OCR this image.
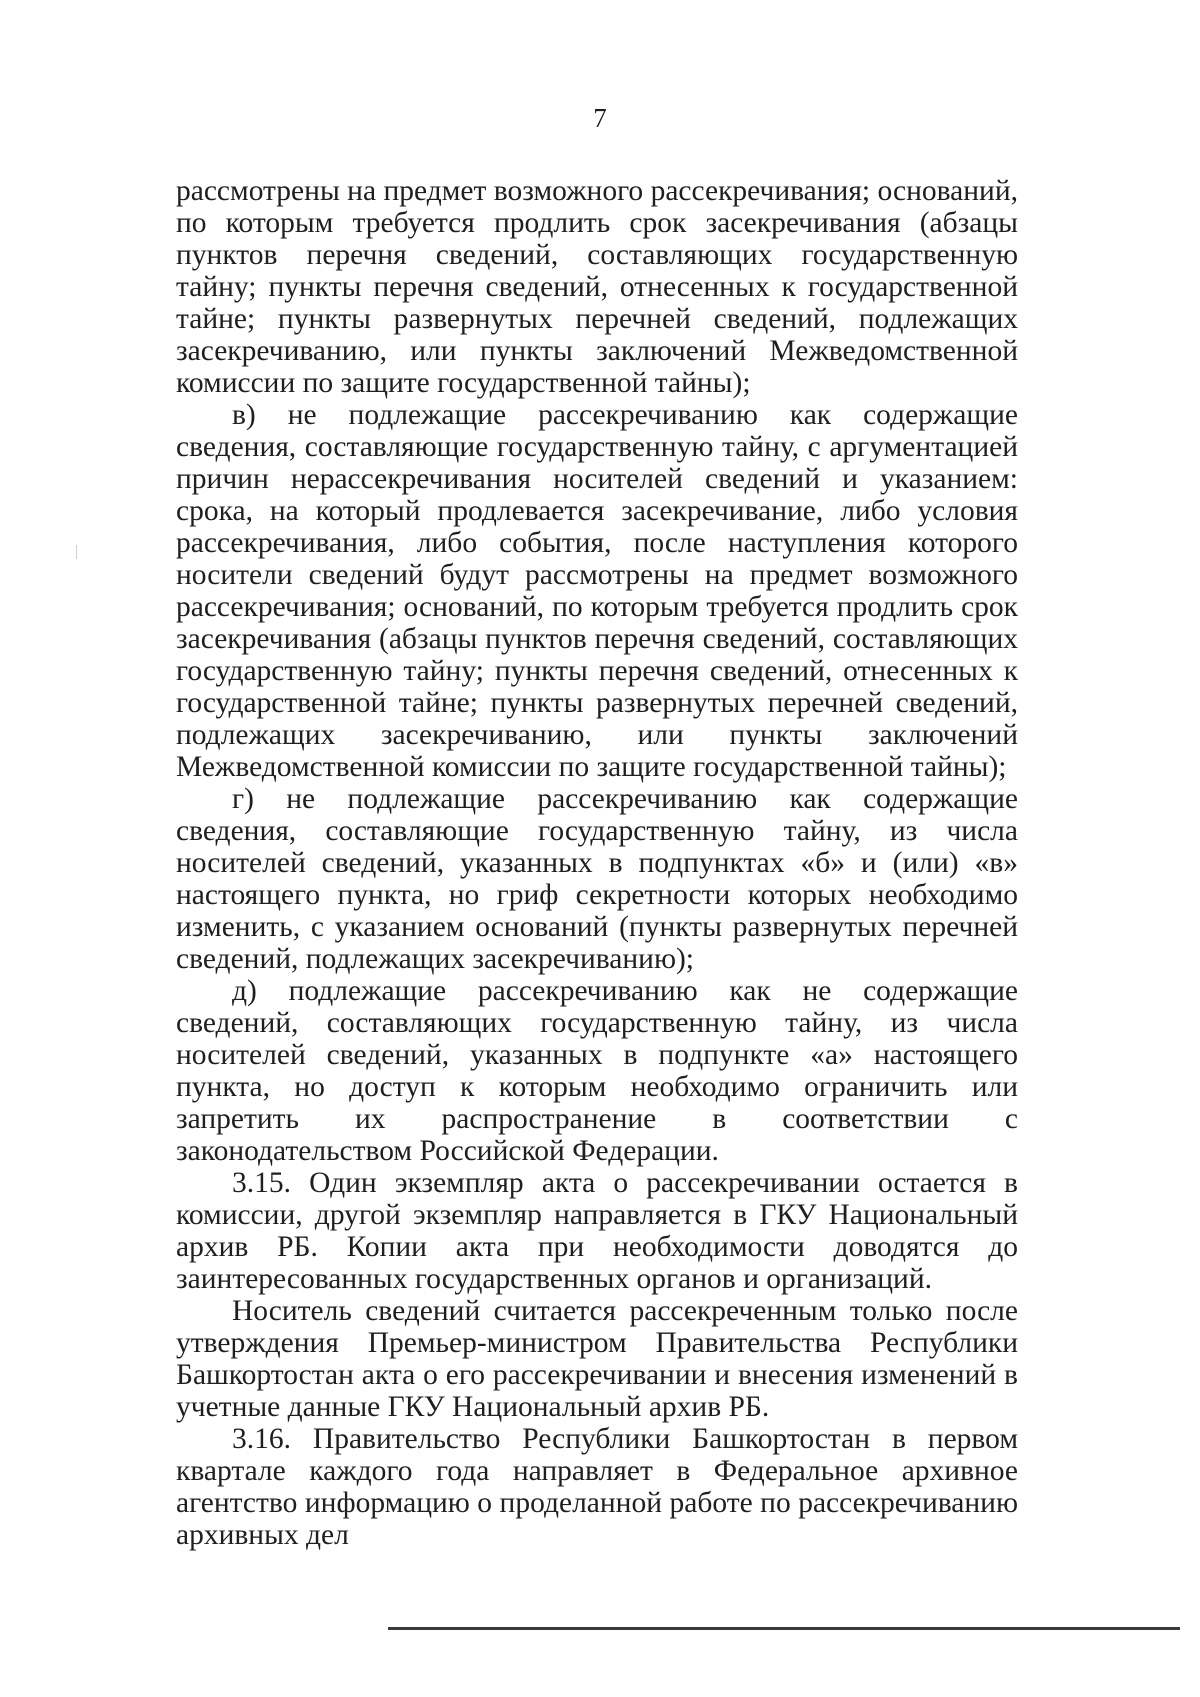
7

рассмотрены на предмет возможного рассекречивания; оснований, по которым требуется продлить срок засекречивания (абзацы пунктов перечня сведений, составляющих государственную тайну; пункты перечня сведений, отнесенных к государственной тайне; пункты развернутых перечней сведений, подлежащих засекречиванию, или пункты заключений Межведомственной комиссии по защите государственной тайны);

в) не подлежащие рассекречиванию как содержащие сведения, составляющие государственную тайну, с аргументацией причин нерассекречивания носителей сведений и указанием: срока, на который продлевается засекречивание, либо условия рассекречивания, либо события, после наступления которого носители сведений будут рассмотрены на предмет возможного рассекречивания; оснований, по которым требуется продлить срок засекречивания (абзацы пунктов перечня сведений, составляющих государственную тайну; пункты перечня сведений, отнесенных к государственной тайне; пункты развернутых перечней сведений, подлежащих засекречиванию, или пункты заключений Межведомственной комиссии по защите государственной тайны);

г) не подлежащие рассекречиванию как содержащие сведения, составляющие государственную тайну, из числа носителей сведений, указанных в подпунктах «б» и (или) «в» настоящего пункта, но гриф секретности которых необходимо изменить, с указанием оснований (пункты развернутых перечней сведений, подлежащих засекречиванию);

д) подлежащие рассекречиванию как не содержащие сведений, составляющих государственную тайну, из числа носителей сведений, указанных в подпункте «а» настоящего пункта, но доступ к которым необходимо ограничить или запретить их распространение в соответствии с законодательством Российской Федерации.

3.15. Один экземпляр акта о рассекречивании остается в комиссии, другой экземпляр направляется в ГКУ Национальный архив РБ. Копии акта при необходимости доводятся до заинтересованных государственных органов и организаций.

Носитель сведений считается рассекреченным только после утверждения Премьер-министром Правительства Республики Башкортостан акта о его рассекречивании и внесения изменений в учетные данные ГКУ Национальный архив РБ.

3.16. Правительство Республики Башкортостан в первом квартале каждого года направляет в Федеральное архивное агентство информацию о проделанной работе по рассекречиванию архивных дел
